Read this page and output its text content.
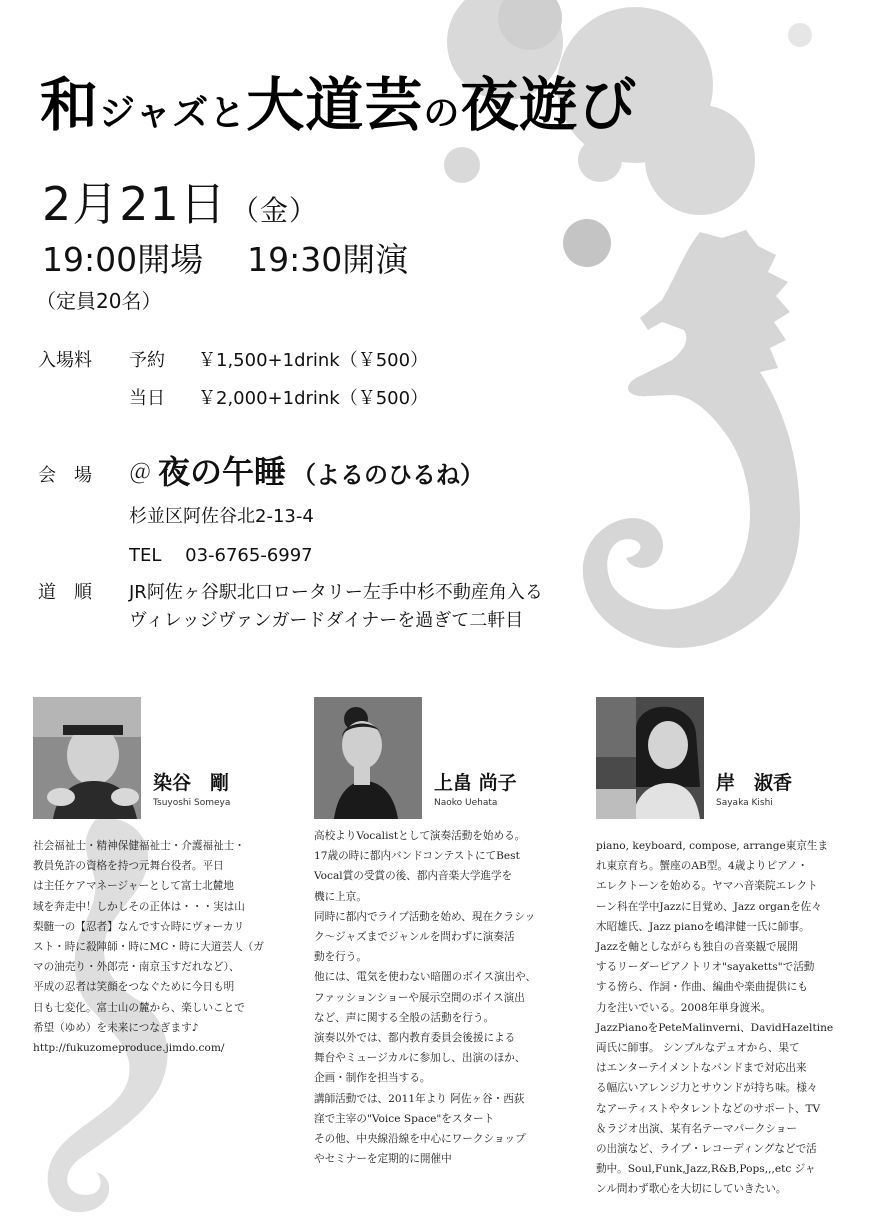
和ジャズと大道芸の夜遊び
2月21日 （金）
19:00開場 19:30開演
（定員20名）
入場料 予約 ￥1,500+1drink（￥500）
当日 ￥2,000+1drink（￥500）
会　場 ＠ 夜の午睡 （よるのひるね）
杉並区阿佐谷北2-13-4
TEL　 03-6765-6997
道　順 JR阿佐ヶ谷駅北口ロータリー左手中杉不動産角入る
ヴィレッジヴァンガードダイナーを過ぎて二軒目
染谷　剛
Tsuyoshi Someya
社会福祉士・精神保健福祉士・介護福祉士・
教員免許の資格を持つ元舞台役者。平日
は主任ケアマネージャーとして富士北麓地
域を奔走中！しかしその正体は・・・実は山
梨髄一の【忍者】なんです☆時にヴォーカリ
スト・時に殺陣師・時にMC・時に大道芸人（ガ
マの油売り・外郎売・南京玉すだれなど）、
平成の忍者は笑顔をつなぐために今日も明
日も七変化。富士山の麓から、楽しいことで
希望（ゆめ）を未来につなぎます♪
http://fukuzomeproduce.jimdo.com/
上畠 尚子
Naoko Uehata
高校よりVocalistとして演奏活動を始める。
17歳の時に都内バンドコンテストにてBest
Vocal賞の受賞の後、都内音楽大学進学を
機に上京。
同時に都内でライブ活動を始め、現在クラシッ
ク～ジャズまでジャンルを問わずに演奏活
動を行う。
他には、電気を使わない暗闇のボイス演出や、
ファッションショーや展示空間のボイス演出
など、声に関する全般の活動を行う。
演奏以外では、都内教育委員会後援による
舞台やミュージカルに参加し、出演のほか、
企画・制作を担当する。
講師活動では、2011年より 阿佐ヶ谷・西荻
窪で主宰の"Voice Space"をスタート
その他、中央線沿線を中心にワークショップ
やセミナーを定期的に開催中
岸　淑香
Sayaka Kishi
piano, keyboard, compose, arrange東京生ま
れ東京育ち。蟹座のAB型。4歳よりピアノ・
エレクトーンを始める。ヤマハ音楽院エレクト
ーン科在学中Jazzに目覚め、Jazz organを佐々
木昭雄氏、Jazz pianoを嶋津健一氏に師事。
Jazzを軸としながらも独自の音楽観で展開
するリーダーピアノトリオ"sayaketts"で活動
する傍ら、作詞・作曲、編曲や楽曲提供にも
力を注いでいる。2008年単身渡米。
JazzPianoをPeteMalinverni、DavidHazeltine
両氏に師事。 シンプルなデュオから、果て
はエンターテイメントなバンドまで対応出来
る幅広いアレンジ力とサウンドが持ち味。様々
なアーティストやタレントなどのサポート、TV
＆ラジオ出演、某有名テーマパークショー
の出演など、ライブ・レコーディングなどで活
動中。Soul,Funk,Jazz,R&B,Pops,,,etc ジャ
ンル問わず歌心を大切にしていきたい。
